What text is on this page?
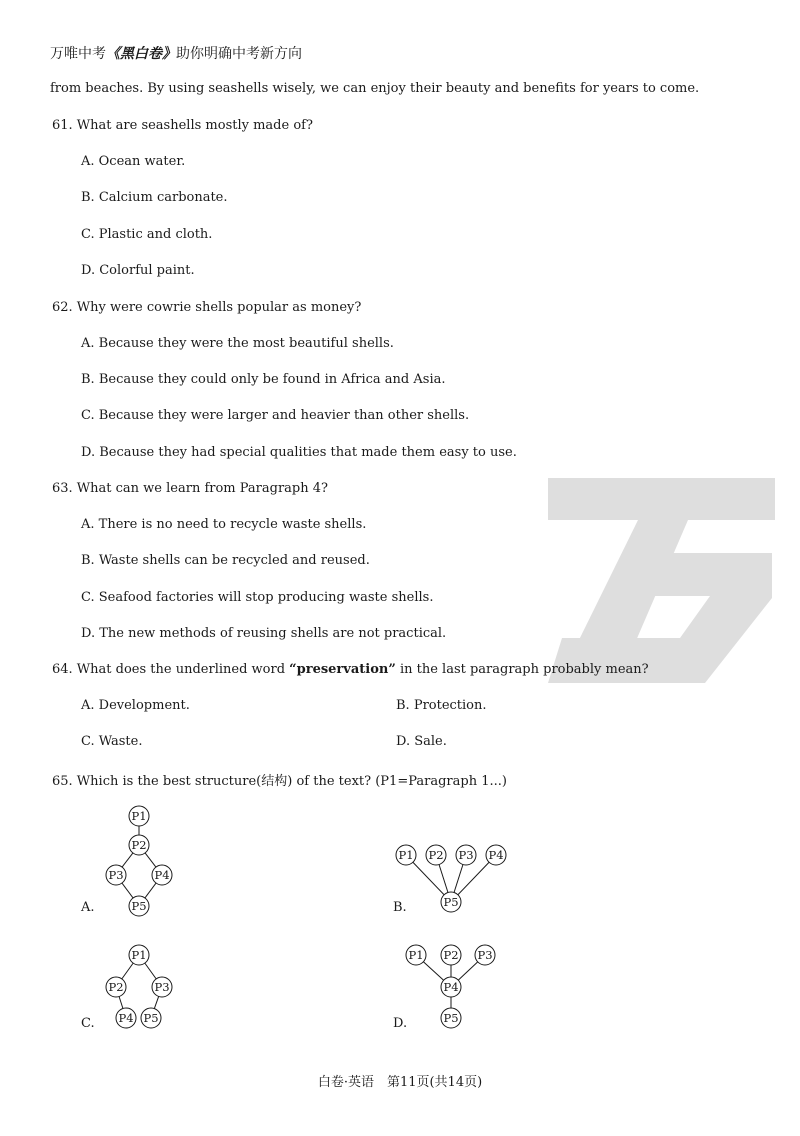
万唯中考《黑白卷》助你明确中考新方向
from beaches. By using seashells wisely, we can enjoy their beauty and benefits for years to come.
61. What are seashells mostly made of?
A. Ocean water.
B. Calcium carbonate.
C. Plastic and cloth.
D. Colorful paint.
62. Why were cowrie shells popular as money?
A. Because they were the most beautiful shells.
B. Because they could only be found in Africa and Asia.
C. Because they were larger and heavier than other shells.
D. Because they had special qualities that made them easy to use.
63. What can we learn from Paragraph 4?
A. There is no need to recycle waste shells.
B. Waste shells can be recycled and reused.
C. Seafood factories will stop producing waste shells.
D. The new methods of reusing shells are not practical.
64. What does the underlined word “preservation” in the last paragraph probably mean?
A. Development.	B. Protection.
C. Waste.	D. Sale.
65. Which is the best structure(结构) of the text? (P1=Paragraph 1...)
A.	B.
C.	D.
P1
P2
P3	P4
P5
P1 P2 P3 P4
P5
P1
P2	P3
P4 P5
P1 P2 P3
P4
P5
白卷·英语　第11页(共14页)
